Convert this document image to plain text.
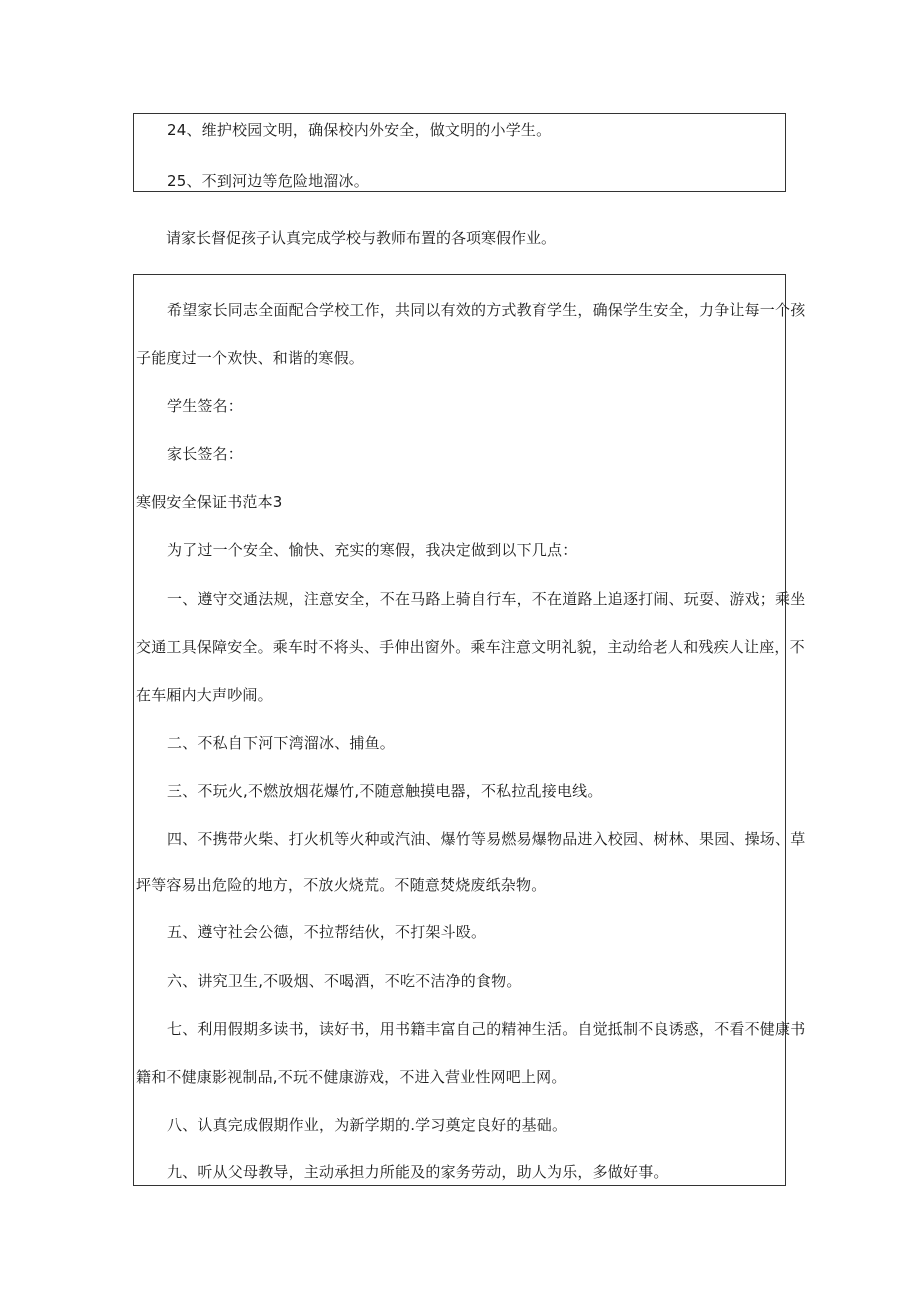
24、维护校园文明，确保校内外安全，做文明的小学生。
25、不到河边等危险地溜冰。
请家长督促孩子认真完成学校与教师布置的各项寒假作业。
希望家长同志全面配合学校工作，共同以有效的方式教育学生，确保学生安全，力争让每一个孩
子能度过一个欢快、和谐的寒假。
学生签名：
家长签名：
寒假安全保证书范本3
为了过一个安全、愉快、充实的寒假，我决定做到以下几点：
一、遵守交通法规，注意安全，不在马路上骑自行车，不在道路上追逐打闹、玩耍、游戏；乘坐
交通工具保障安全。乘车时不将头、手伸出窗外。乘车注意文明礼貌，主动给老人和残疾人让座，不
在车厢内大声吵闹。
二、不私自下河下湾溜冰、捕鱼。
三、不玩火,不燃放烟花爆竹,不随意触摸电器，不私拉乱接电线。
四、不携带火柴、打火机等火种或汽油、爆竹等易燃易爆物品进入校园、树林、果园、操场、草
坪等容易出危险的地方，不放火烧荒。不随意焚烧废纸杂物。
五、遵守社会公德，不拉帮结伙，不打架斗殴。
六、讲究卫生,不吸烟、不喝酒，不吃不洁净的食物。
七、利用假期多读书，读好书，用书籍丰富自己的精神生活。自觉抵制不良诱惑，不看不健康书
籍和不健康影视制品,不玩不健康游戏，不进入营业性网吧上网。
八、认真完成假期作业，为新学期的.学习奠定良好的基础。
九、听从父母教导，主动承担力所能及的家务劳动，助人为乐，多做好事。
